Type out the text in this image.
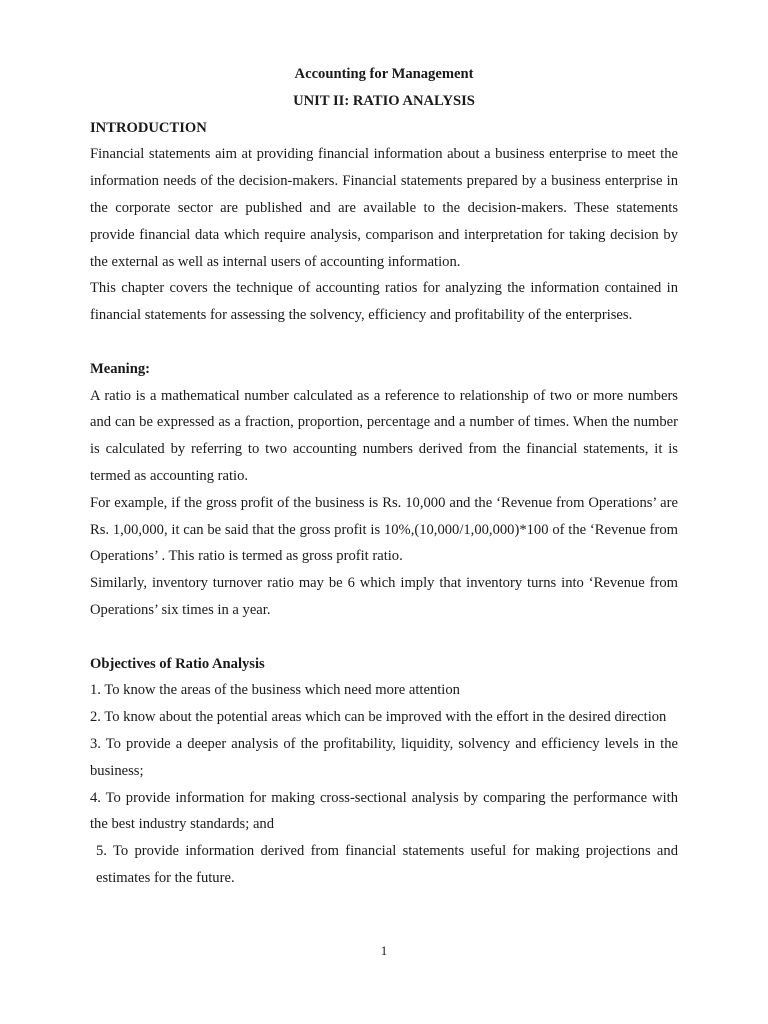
Accounting for Management
UNIT II: RATIO ANALYSIS
INTRODUCTION

Financial statements aim at providing financial information about a business enterprise to meet the information needs of the decision-makers. Financial statements prepared by a business enterprise in the corporate sector are published and are available to the decision-makers. These statements provide financial data which require analysis, comparison and interpretation for taking decision by the external as well as internal users of accounting information.

This chapter covers the technique of accounting ratios for analyzing the information contained in financial statements for assessing the solvency, efficiency and profitability of the enterprises.

Meaning:

A ratio is a mathematical number calculated as a reference to relationship of two or more numbers and can be expressed as a fraction, proportion, percentage and a number of times. When the number is calculated by referring to two accounting numbers derived from the financial statements, it is termed as accounting ratio.

For example, if the gross profit of the business is Rs. 10,000 and the ‘Revenue from Operations’ are Rs. 1,00,000, it can be said that the gross profit is 10%,(10,000/1,00,000)*100 of the ‘Revenue from Operations’ . This ratio is termed as gross profit ratio.

Similarly, inventory turnover ratio may be 6 which imply that inventory turns into ‘Revenue from Operations’ six times in a year.

Objectives of Ratio Analysis

1. To know the areas of the business which need more attention

2. To know about the potential areas which can be improved with the effort in the desired direction

3. To provide a deeper analysis of the profitability, liquidity, solvency and efficiency levels in the business;

4. To provide information for making cross-sectional analysis by comparing the performance with the best industry standards; and

5. To provide information derived from financial statements useful for making projections and estimates for the future.

1
